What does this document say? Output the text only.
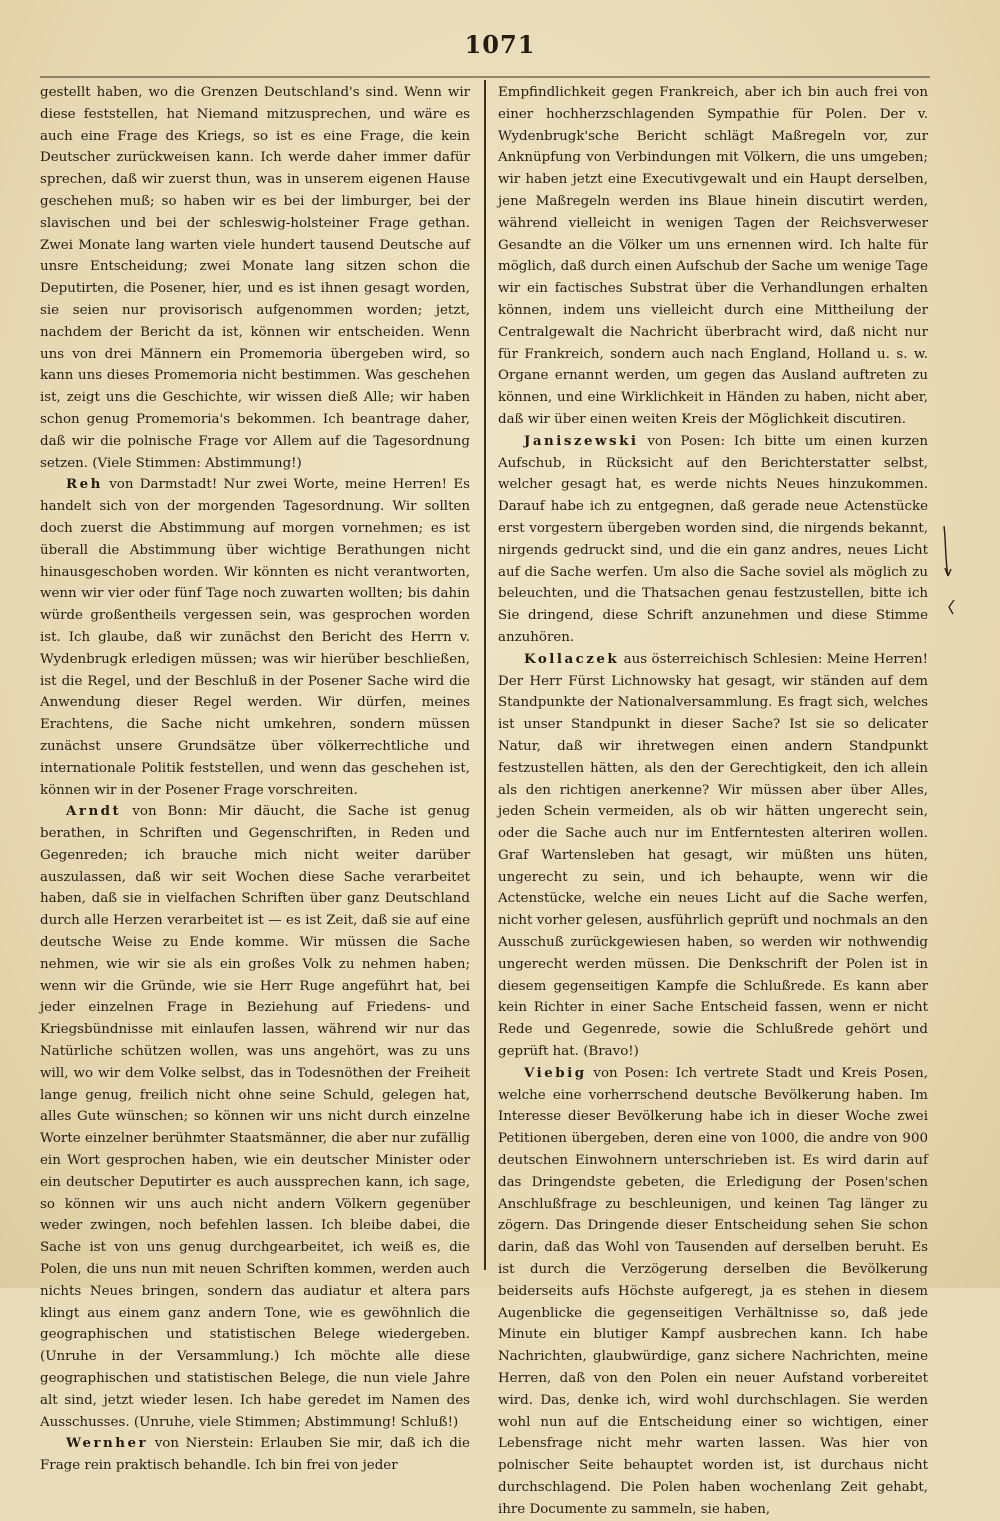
1071

gestellt haben, wo die Grenzen Deutschland's sind. Wenn wir diese feststellen, hat Niemand mitzusprechen, und wäre es auch eine Frage des Kriegs, so ist es eine Frage, die kein Deutscher zurückweisen kann. Ich werde daher immer dafür sprechen, daß wir zuerst thun, was in unserem eigenen Hause geschehen muß; so haben wir es bei der limburger, bei der slavischen und bei der schleswig-holsteiner Frage gethan. Zwei Monate lang warten viele hundert tausend Deutsche auf unsre Entscheidung; zwei Monate lang sitzen schon die Deputirten, die Posener, hier, und es ist ihnen gesagt worden, sie seien nur provisorisch aufgenommen worden; jetzt, nachdem der Bericht da ist, können wir entscheiden. Wenn uns von drei Männern ein Promemoria übergeben wird, so kann uns dieses Promemoria nicht bestimmen. Was geschehen ist, zeigt uns die Geschichte, wir wissen dieß Alle; wir haben schon genug Promemoria's bekommen. Ich beantrage daher, daß wir die polnische Frage vor Allem auf die Tagesordnung setzen. (Viele Stimmen: Abstimmung!)

Reh von Darmstadt! Nur zwei Worte, meine Herren! Es handelt sich von der morgenden Tagesordnung. Wir sollten doch zuerst die Abstimmung auf morgen vornehmen; es ist überall die Abstimmung über wichtige Berathungen nicht hinausgeschoben worden. Wir könnten es nicht verantworten, wenn wir vier oder fünf Tage noch zuwarten wollten; bis dahin würde großentheils vergessen sein, was gesprochen worden ist. Ich glaube, daß wir zunächst den Bericht des Herrn v. Wydenbrugk erledigen müssen; was wir hierüber beschließen, ist die Regel, und der Beschluß in der Posener Sache wird die Anwendung dieser Regel werden. Wir dürfen, meines Erachtens, die Sache nicht umkehren, sondern müssen zunächst unsere Grundsätze über völkerrechtliche und internationale Politik feststellen, und wenn das geschehen ist, können wir in der Posener Frage vorschreiten.

Arndt von Bonn: Mir däucht, die Sache ist genug berathen, in Schriften und Gegenschriften, in Reden und Gegenreden; ich brauche mich nicht weiter darüber auszulassen, daß wir seit Wochen diese Sache verarbeitet haben, daß sie in vielfachen Schriften über ganz Deutschland durch alle Herzen verarbeitet ist — es ist Zeit, daß sie auf eine deutsche Weise zu Ende komme. Wir müssen die Sache nehmen, wie wir sie als ein großes Volk zu nehmen haben; wenn wir die Gründe, wie sie Herr Ruge angeführt hat, bei jeder einzelnen Frage in Beziehung auf Friedens- und Kriegsbündnisse mit einlaufen lassen, während wir nur das Natürliche schützen wollen, was uns angehört, was zu uns will, wo wir dem Volke selbst, das in Todesnöthen der Freiheit lange genug, freilich nicht ohne seine Schuld, gelegen hat, alles Gute wünschen; so können wir uns nicht durch einzelne Worte einzelner berühmter Staatsmänner, die aber nur zufällig ein Wort gesprochen haben, wie ein deutscher Minister oder ein deutscher Deputirter es auch aussprechen kann, ich sage, so können wir uns auch nicht andern Völkern gegenüber weder zwingen, noch befehlen lassen. Ich bleibe dabei, die Sache ist von uns genug durchgearbeitet, ich weiß es, die Polen, die uns nun mit neuen Schriften kommen, werden auch nichts Neues bringen, sondern das audiatur et altera pars klingt aus einem ganz andern Tone, wie es gewöhnlich die geographischen und statistischen Belege wiedergeben. (Unruhe in der Versammlung.) Ich möchte alle diese geographischen und statistischen Belege, die nun viele Jahre alt sind, jetzt wieder lesen. Ich habe geredet im Namen des Ausschusses. (Unruhe, viele Stimmen; Abstimmung! Schluß!)

Wernher von Nierstein: Erlauben Sie mir, daß ich die Frage rein praktisch behandle. Ich bin frei von jeder

Empfindlichkeit gegen Frankreich, aber ich bin auch frei von einer hochherzschlagenden Sympathie für Polen. Der v. Wydenbrugk'sche Bericht schlägt Maßregeln vor, zur Anknüpfung von Verbindungen mit Völkern, die uns umgeben; wir haben jetzt eine Executivgewalt und ein Haupt derselben, jene Maßregeln werden ins Blaue hinein discutirt werden, während vielleicht in wenigen Tagen der Reichsverweser Gesandte an die Völker um uns ernennen wird. Ich halte für möglich, daß durch einen Aufschub der Sache um wenige Tage wir ein factisches Substrat über die Verhandlungen erhalten können, indem uns vielleicht durch eine Mittheilung der Centralgewalt die Nachricht überbracht wird, daß nicht nur für Frankreich, sondern auch nach England, Holland u. s. w. Organe ernannt werden, um gegen das Ausland auftreten zu können, und eine Wirklichkeit in Händen zu haben, nicht aber, daß wir über einen weiten Kreis der Möglichkeit discutiren.

Janiszewski von Posen: Ich bitte um einen kurzen Aufschub, in Rücksicht auf den Berichterstatter selbst, welcher gesagt hat, es werde nichts Neues hinzukommen. Darauf habe ich zu entgegnen, daß gerade neue Actenstücke erst vorgestern übergeben worden sind, die nirgends bekannt, nirgends gedruckt sind, und die ein ganz andres, neues Licht auf die Sache werfen. Um also die Sache soviel als möglich zu beleuchten, und die Thatsachen genau festzustellen, bitte ich Sie dringend, diese Schrift anzunehmen und diese Stimme anzuhören.

Kollaczek aus österreichisch Schlesien: Meine Herren! Der Herr Fürst Lichnowsky hat gesagt, wir ständen auf dem Standpunkte der Nationalversammlung. Es fragt sich, welches ist unser Standpunkt in dieser Sache? Ist sie so delicater Natur, daß wir ihretwegen einen andern Standpunkt festzustellen hätten, als den der Gerechtigkeit, den ich allein als den richtigen anerkenne? Wir müssen aber über Alles, jeden Schein vermeiden, als ob wir hätten ungerecht sein, oder die Sache auch nur im Entferntesten alteriren wollen. Graf Wartensleben hat gesagt, wir müßten uns hüten, ungerecht zu sein, und ich behaupte, wenn wir die Actenstücke, welche ein neues Licht auf die Sache werfen, nicht vorher gelesen, ausführlich geprüft und nochmals an den Ausschuß zurückgewiesen haben, so werden wir nothwendig ungerecht werden müssen. Die Denkschrift der Polen ist in diesem gegenseitigen Kampfe die Schlußrede. Es kann aber kein Richter in einer Sache Entscheid fassen, wenn er nicht Rede und Gegenrede, sowie die Schlußrede gehört und geprüft hat. (Bravo!)

Viebig von Posen: Ich vertrete Stadt und Kreis Posen, welche eine vorherrschend deutsche Bevölkerung haben. Im Interesse dieser Bevölkerung habe ich in dieser Woche zwei Petitionen übergeben, deren eine von 1000, die andre von 900 deutschen Einwohnern unterschrieben ist. Es wird darin auf das Dringendste gebeten, die Erledigung der Posen'schen Anschlußfrage zu beschleunigen, und keinen Tag länger zu zögern. Das Dringende dieser Entscheidung sehen Sie schon darin, daß das Wohl von Tausenden auf derselben beruht. Es ist durch die Verzögerung derselben die Bevölkerung beiderseits aufs Höchste aufgeregt, ja es stehen in diesem Augenblicke die gegenseitigen Verhältnisse so, daß jede Minute ein blutiger Kampf ausbrechen kann. Ich habe Nachrichten, glaubwürdige, ganz sichere Nachrichten, meine Herren, daß von den Polen ein neuer Aufstand vorbereitet wird. Das, denke ich, wird wohl durchschlagen. Sie werden wohl nun auf die Entscheidung einer so wichtigen, einer Lebensfrage nicht mehr warten lassen. Was hier von polnischer Seite behauptet worden ist, ist durchaus nicht durchschlagend. Die Polen haben wochenlang Zeit gehabt, ihre Documente zu sammeln, sie haben,
